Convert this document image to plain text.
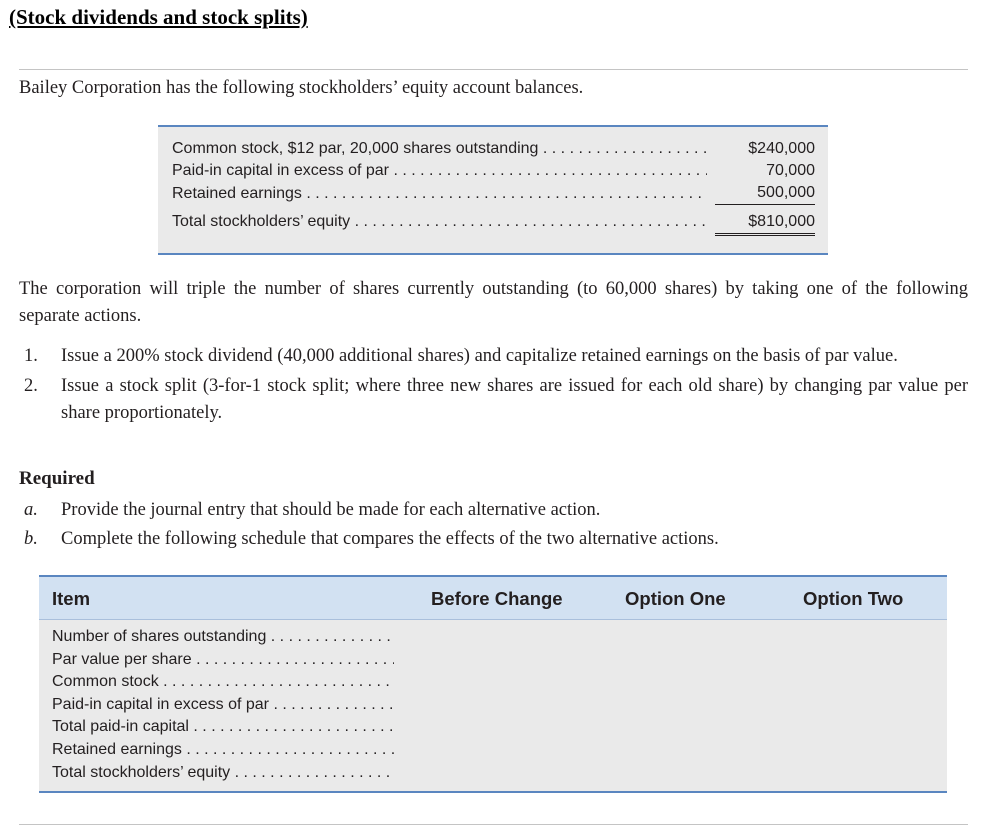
(Stock dividends and stock splits)

Bailey Corporation has the following stockholders’ equity account balances.

Common stock, $12 par, 20,000 shares outstanding . . .	$240,000
Paid-in capital in excess of par . . .	70,000
Retained earnings . . .	500,000
Total stockholders’ equity . . .	$810,000

The corporation will triple the number of shares currently outstanding (to 60,000 shares) by taking one of the following separate actions.

1. Issue a 200% stock dividend (40,000 additional shares) and capitalize retained earnings on the basis of par value.
2. Issue a stock split (3-for-1 stock split; where three new shares are issued for each old share) by changing par value per share proportionately.
Required
a. Provide the journal entry that should be made for each alternative action.
b. Complete the following schedule that compares the effects of the two alternative actions.
Item	Before Change	Option One	Option Two
Number of shares outstanding . . .
Par value per share . . .
Common stock . . .
Paid-in capital in excess of par . . .
Total paid-in capital . . .
Retained earnings . . .
Total stockholders’ equity . . .
